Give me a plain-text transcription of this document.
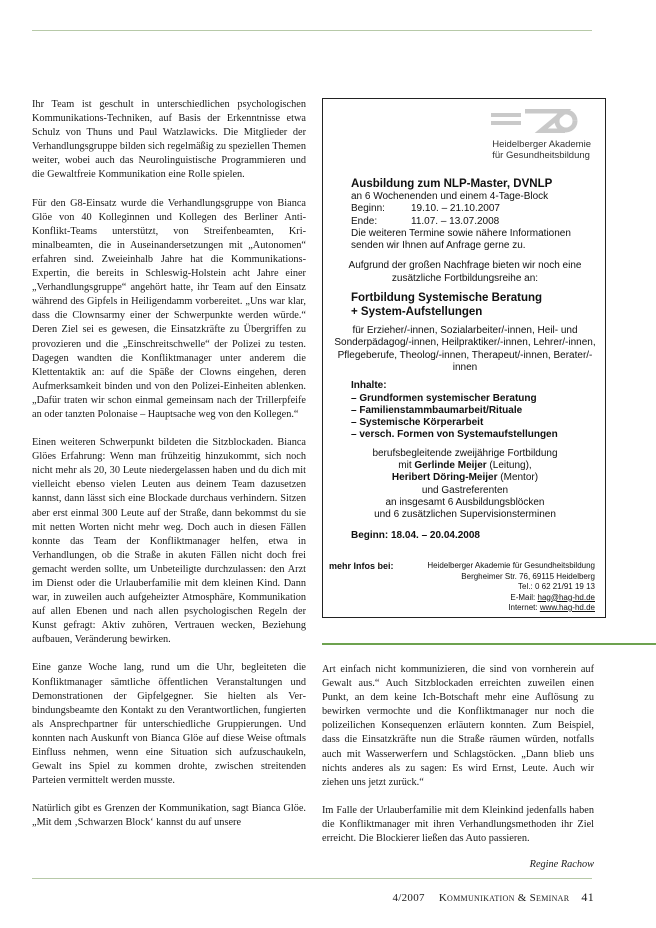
Ihr Team ist geschult in unterschiedlichen psychologischen Kommunikations-Techniken, auf Basis der Erkenntnisse etwa Schulz von Thuns und Paul Watzlawicks. Die Mitglieder der Verhandlungsgruppe bilden sich regelmäßig zu speziellen Themen weiter, wobei auch das Neurolinguistische Programmieren und die Gewaltfreie Kommunikation eine Rolle spielen.

Für den G8-Einsatz wurde die Verhandlungsgruppe von Bianca Glöe von 40 Kolleginnen und Kollegen des Berliner Anti-Konflikt-Teams unterstützt, von Streifenbeamten, Kriminalbeamten, die in Auseinandersetzungen mit „Autonomen“ erfahren sind. Zweieinhalb Jahre hat die Kommunikations-Expertin, die bereits in Schleswig-Holstein acht Jahre einer „Verhandlungsgruppe“ angehört hatte, ihr Team auf den Einsatz während des Gipfels in Heiligendamm vorbereitet. „Uns war klar, dass die Clownsarmy einer der Schwerpunkte werden würde.“ Deren Ziel sei es gewesen, die Einsatzkräfte zu Übergriffen zu provozieren und die „Einschreitschwelle“ der Polizei zu testen. Dagegen wandten die Konfliktmanager unter anderem die Klettentaktik an: auf die Späße der Clowns eingehen, deren Aufmerksamkeit binden und von den Polizei-Einheiten ablenken. „Dafür traten wir schon einmal gemeinsam nach der Trillerpfeife an oder tanzten Polonaise – Hauptsache weg von den Kollegen.“

Einen weiteren Schwerpunkt bildeten die Sitzblockaden. Bianca Glöes Erfahrung: Wenn man frühzeitig hinzukommt, sich noch nicht mehr als 20, 30 Leute niedergelassen haben und du dich mit vielleicht ebenso vielen Leuten aus deinem Team dazusetzen kannst, dann lässt sich eine Blockade durchaus verhindern. Sitzen aber erst einmal 300 Leute auf der Straße, dann bekommst du sie mit netten Worten nicht mehr weg. Doch auch in diesen Fällen konnte das Team der Konfliktmanager helfen, etwa in Verhandlungen, ob die Straße in akuten Fällen nicht doch frei gemacht werden sollte, um Unbeteiligte durchzulassen: den Arzt im Dienst oder die Urlauberfamilie mit dem kleinen Kind. Dann war, in zuweilen auch aufgeheizter Atmosphäre, Kommunikation auf allen Ebenen und nach allen psychologischen Regeln der Kunst gefragt: Aktiv zuhören, Vertrauen wecken, Beziehung aufbauen, Veränderung bewirken.

Eine ganze Woche lang, rund um die Uhr, begleiteten die Konfliktmanager sämtliche öffentlichen Veranstaltungen und Demonstrationen der Gipfelgegner. Sie hielten als Verbindungsbeamte den Kontakt zu den Verantwortlichen, fungierten als Ansprechpartner für unterschiedliche Gruppierungen. Und konnten nach Auskunft von Bianca Glöe auf diese Weise oftmals Einfluss nehmen, wenn eine Situation sich aufzuschaukeln, Gewalt ins Spiel zu kommen drohte, zwischen streitenden Parteien vermittelt werden musste.

Natürlich gibt es Grenzen der Kommunikation, sagt Bianca Glöe. „Mit dem ‚Schwarzen Block‘ kannst du auf unsere

Heidelberger Akademie
für Gesundheitsbildung
Ausbildung zum NLP-Master, DVNLP
an 6 Wochenenden und einem 4-Tage-Block
Beginn:	19.10. – 21.10.2007
Ende:	11.07. – 13.07.2008
Die weiteren Termine sowie nähere Informationen senden wir Ihnen auf Anfrage gerne zu.
Aufgrund der großen Nachfrage bieten wir noch eine zusätzliche Fortbildungsreihe an:
Fortbildung Systemische Beratung
+ System-Aufstellungen
für Erzieher/-innen, Sozialarbeiter/-innen, Heil- und Sonderpädagog/-innen, Heilpraktiker/-innen, Lehrer/-innen, Pflegeberufe, Theolog/-innen, Therapeut/-innen, Berater/-innen
Inhalte:
– Grundformen systemischer Beratung
– Familienstammbaumarbeit/Rituale
– Systemische Körperarbeit
– versch. Formen von Systemaufstellungen
berufsbegleitende zweijährige Fortbildung
mit Gerlinde Meijer (Leitung),
Heribert Döring-Meijer (Mentor)
und Gastreferenten
an insgesamt 6 Ausbildungsblöcken
und 6 zusätzlichen Supervisionsterminen
Beginn: 18.04. – 20.04.2008
mehr Infos bei:	Heidelberger Akademie für Gesundheitsbildung
Bergheimer Str. 76, 69115 Heidelberg
Tel.: 0 62 21/91 19 13
E-Mail: hag@hag-hd.de
Internet: www.hag-hd.de

Art einfach nicht kommunizieren, die sind von vornherein auf Gewalt aus.“ Auch Sitzblockaden erreichten zuweilen einen Punkt, an dem keine Ich-Botschaft mehr eine Auflösung zu bewirken vermochte und die Konfliktmanager nur noch die polizeilichen Konsequenzen erläutern konnten. Zum Beispiel, dass die Einsatzkräfte nun die Straße räumen würden, notfalls auch mit Wasserwerfern und Schlagstöcken. „Dann blieb uns nichts anderes als zu sagen: Es wird Ernst, Leute. Auch wir ziehen uns jetzt zurück.“

Im Falle der Urlauberfamilie mit dem Kleinkind jedenfalls haben die Konfliktmanager mit ihren Verhandlungsmethoden ihr Ziel erreicht. Die Blockierer ließen das Auto passieren.

Regine Rachow
4/2007 Kommunikation & Seminar 41
